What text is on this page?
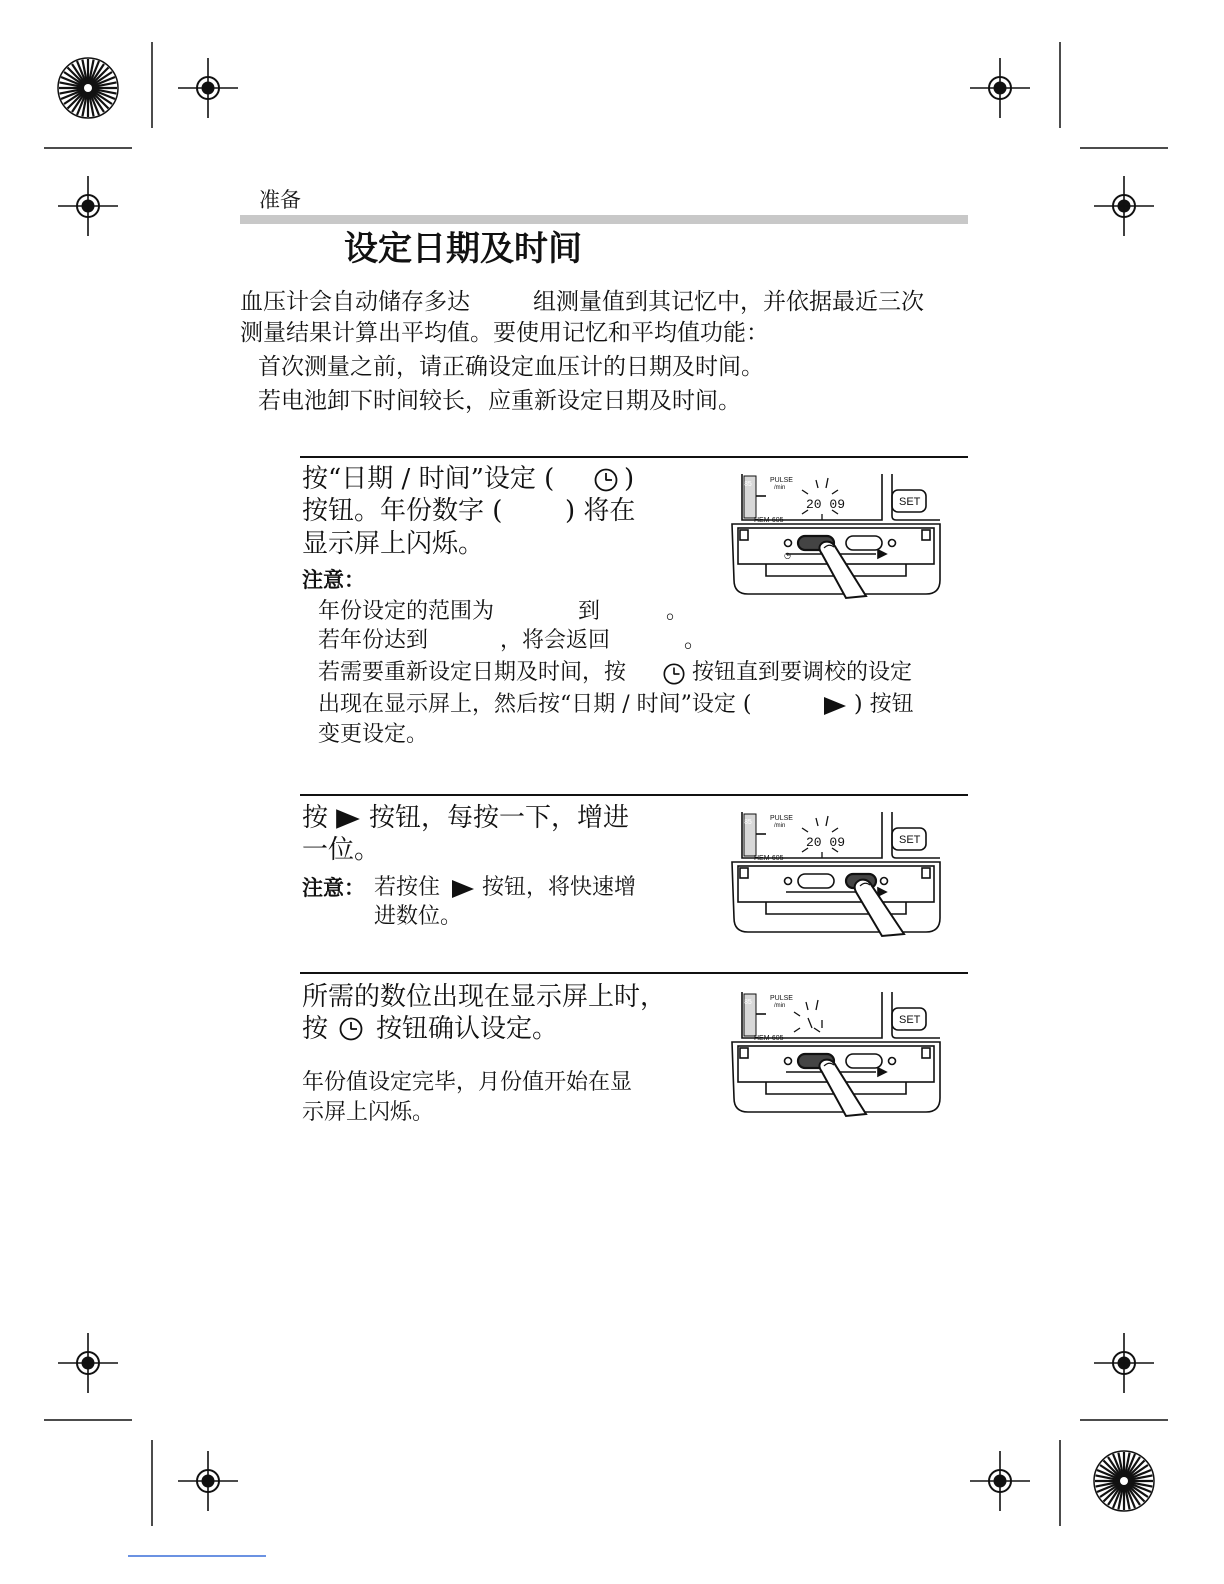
准备
设定日期及时间
血压计会自动储存多达	组测量值到其记忆中，并依据最近三次
测量结果计算出平均值。要使用记忆和平均值功能：
首次测量之前，请正确设定血压计的日期及时间。
若电池卸下时间较长，应重新设定日期及时间。
按“日期 / 时间”设定 (	)
按钮。年份数字 ( ) 将在
显示屏上闪烁。
注意：
年份设定的范围为	到	。
若年份达到	，将会返回	。
若需要重新设定日期及时间，按	按钮直到要调校的设定
出现在显示屏上，然后按“日期 / 时间”设定 (	) 按钮
变更设定。
按 按钮，每按一下，增进
一位。
注意： 若按住 按钮，将快速增
进数位。
所需的数位出现在显示屏上时，
按 按钮确认设定。
年份值设定完毕，月份值开始在显
示屏上闪烁。
85
PULSE
/min
20 09
HEM-605
SET
◷
85
PULSE
/min
20 09
HEM-605
SET
85
PULSE
/min
HEM-605
SET
